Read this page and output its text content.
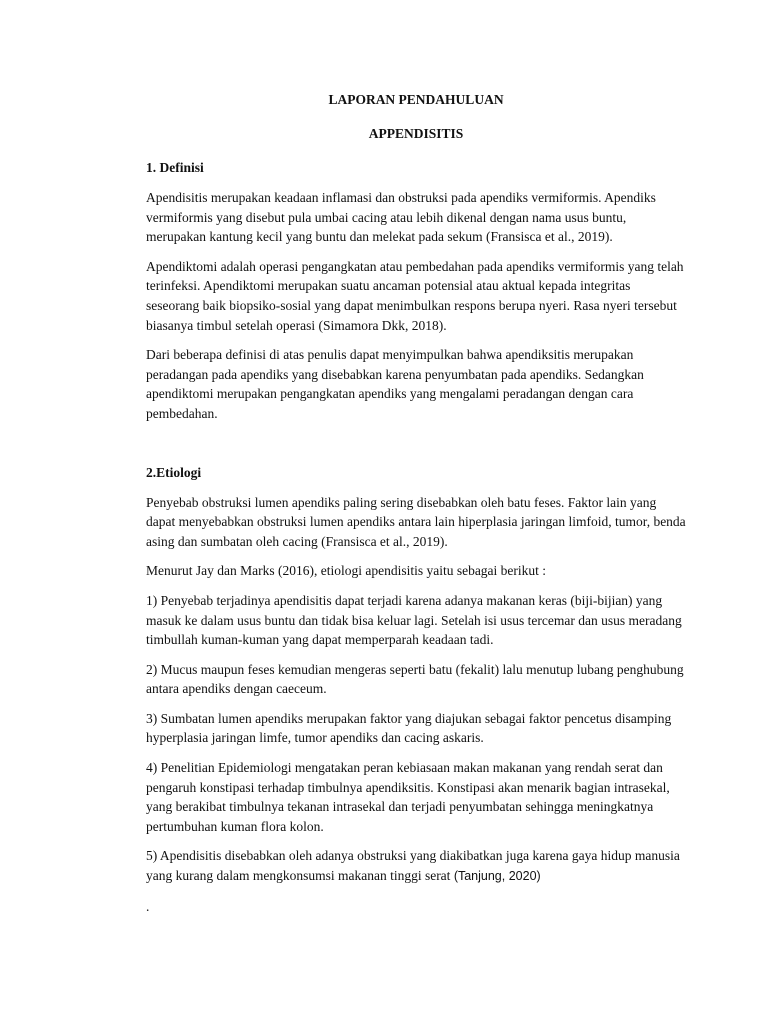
LAPORAN PENDAHULUAN
APPENDISITIS
1. Definisi

Apendisitis merupakan keadaan inflamasi dan obstruksi pada apendiks vermiformis. Apendiks vermiformis yang disebut pula umbai cacing atau lebih dikenal dengan nama usus buntu, merupakan kantung kecil yang buntu dan melekat pada sekum (Fransisca et al., 2019).

Apendiktomi adalah operasi pengangkatan atau pembedahan pada apendiks vermiformis yang telah terinfeksi. Apendiktomi merupakan suatu ancaman potensial atau aktual kepada integritas seseorang baik biopsiko-sosial yang dapat menimbulkan respons berupa nyeri. Rasa nyeri tersebut biasanya timbul setelah operasi (Simamora Dkk, 2018).

Dari beberapa definisi di atas penulis dapat menyimpulkan bahwa apendiksitis merupakan peradangan pada apendiks yang disebabkan karena penyumbatan pada apendiks. Sedangkan apendiktomi merupakan pengangkatan apendiks yang mengalami peradangan dengan cara pembedahan.

2.Etiologi

Penyebab obstruksi lumen apendiks paling sering disebabkan oleh batu feses. Faktor lain yang dapat menyebabkan obstruksi lumen apendiks antara lain hiperplasia jaringan limfoid, tumor, benda asing dan sumbatan oleh cacing (Fransisca et al., 2019).

Menurut Jay dan Marks (2016), etiologi apendisitis yaitu sebagai berikut :

1) Penyebab terjadinya apendisitis dapat terjadi karena adanya makanan keras (biji-bijian) yang masuk ke dalam usus buntu dan tidak bisa keluar lagi. Setelah isi usus tercemar dan usus meradang timbullah kuman-kuman yang dapat memperparah keadaan tadi.

2) Mucus maupun feses kemudian mengeras seperti batu (fekalit) lalu menutup lubang penghubung antara apendiks dengan caeceum.

3) Sumbatan lumen apendiks merupakan faktor yang diajukan sebagai faktor pencetus disamping hyperplasia jaringan limfe, tumor apendiks dan cacing askaris.

4) Penelitian Epidemiologi mengatakan peran kebiasaan makan makanan yang rendah serat dan pengaruh konstipasi terhadap timbulnya apendiksitis. Konstipasi akan menarik bagian intrasekal, yang berakibat timbulnya tekanan intrasekal dan terjadi penyumbatan sehingga meningkatnya pertumbuhan kuman flora kolon.

5) Apendisitis disebabkan oleh adanya obstruksi yang diakibatkan juga karena gaya hidup manusia yang kurang dalam mengkonsumsi makanan tinggi serat (Tanjung, 2020)

.
